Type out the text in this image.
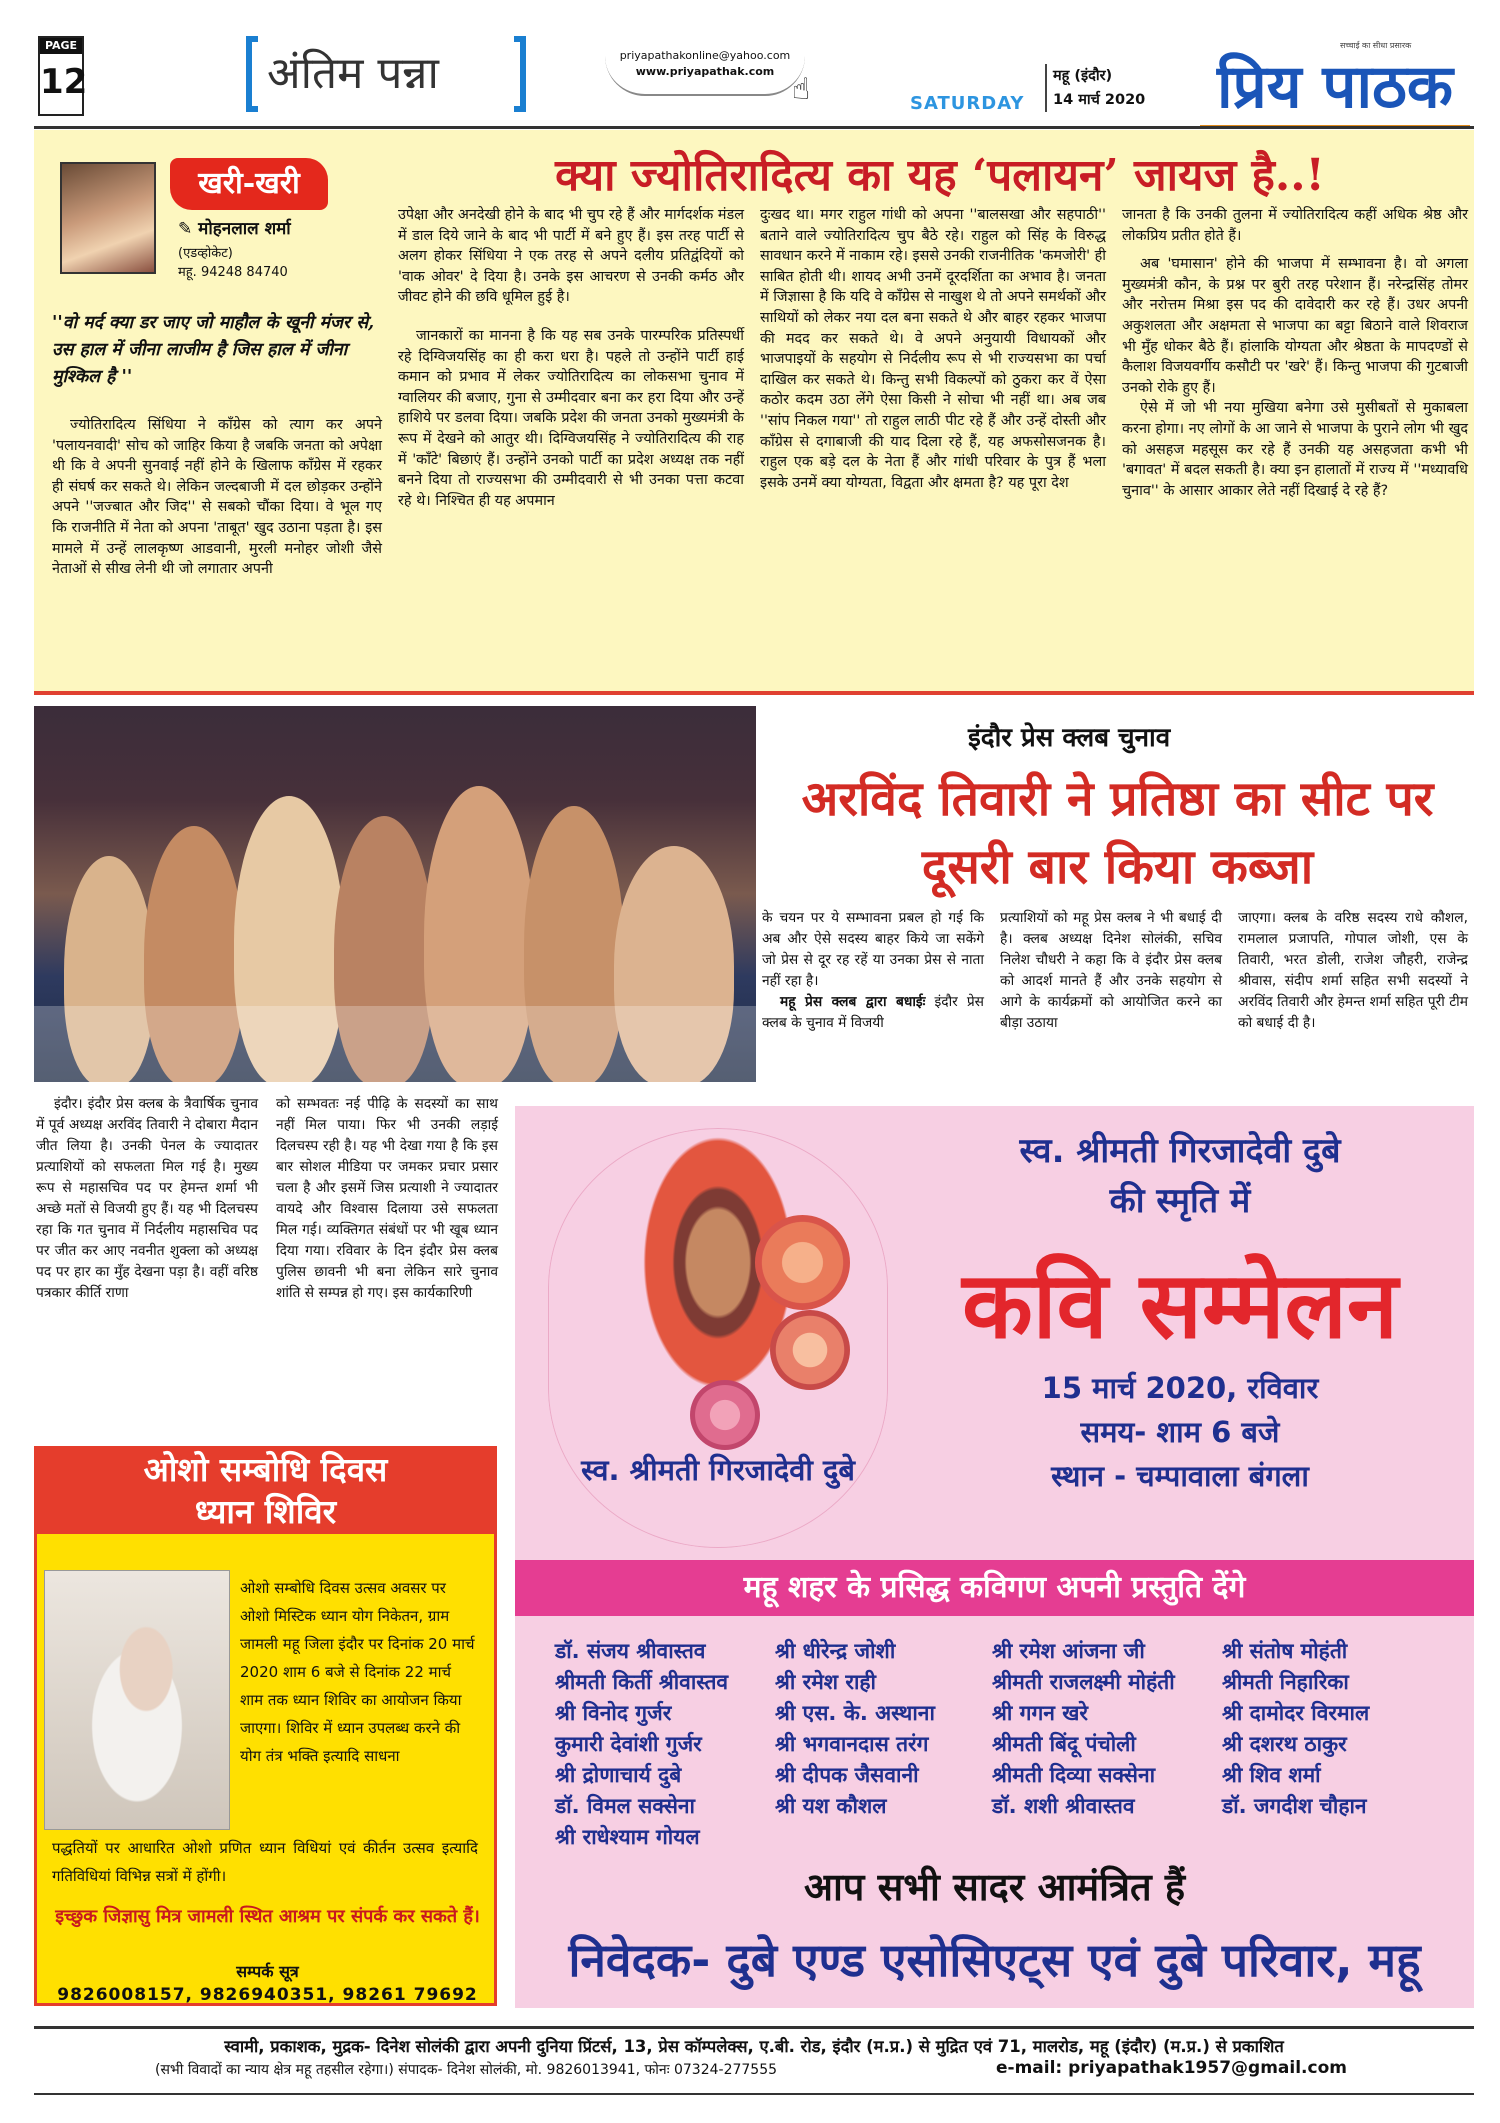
PAGE
12	अंतिम पन्ना	priyapathakonline@yahoo.com
www.priyapathak.com
☝	SATURDAY
महू (इंदौर)
14 मार्च 2020 प्रिय पाठक
सच्चाई का सीधा प्रसारक
खरी-खरी
✎ मोहनलाल शर्मा
(एडव्होकेट)
महू. 94248 84740
क्या ज्योतिरादित्य का यह ‘पलायन’ जायज है..!
''वो मर्द क्या डर जाए जो माहौल के खूनी मंजर से, उस हाल में जीना लाजीम है जिस हाल में जीना मुश्किल है ''

ज्योतिरादित्य सिंधिया ने कॉंग्रेस को त्याग कर अपने 'पलायनवादी' सोच को जाहिर किया है जबकि जनता को अपेक्षा थी कि वे अपनी सुनवाई नहीं होने के खिलाफ कॉंग्रेस में रहकर ही संघर्ष कर सकते थे। लेकिन जल्दबाजी में दल छोड़कर उन्होंने अपने ''जज्बात और जिद'' से सबको चौंका दिया। वे भूल गए कि राजनीति में नेता को अपना 'ताबूत' खुद उठाना पड़ता है। इस मामले में उन्हें लालकृष्ण आडवानी, मुरली मनोहर जोशी जैसे नेताओं से सीख लेनी थी जो लगातार अपनी

उपेक्षा और अनदेखी होने के बाद भी चुप रहे हैं और मार्गदर्शक मंडल में डाल दिये जाने के बाद भी पार्टी में बने हुए हैं। इस तरह पार्टी से अलग होकर सिंधिया ने एक तरह से अपने दलीय प्रतिद्वंदियों को 'वाक ओवर' दे दिया है। उनके इस आचरण से उनकी कर्मठ और जीवट होने की छवि धूमिल हुई है।

जानकारों का मानना है कि यह सब उनके पारम्परिक प्रतिस्पर्धी रहे दिग्विजयसिंह का ही करा धरा है। पहले तो उन्होंने पार्टी हाई कमान को प्रभाव में लेकर ज्योतिरादित्य का लोकसभा चुनाव में ग्वालियर की बजाए, गुना से उम्मीदवार बना कर हरा दिया और उन्हें हाशिये पर डलवा दिया। जबकि प्रदेश की जनता उनको मुख्यमंत्री के रूप में देखने को आतुर थी। दिग्विजयसिंह ने ज्योतिरादित्य की राह में 'काँटे' बिछाएं हैं। उन्होंने उनको पार्टी का प्रदेश अध्यक्ष तक नहीं बनने दिया तो राज्यसभा की उम्मीदवारी से भी उनका पत्ता कटवा रहे थे। निश्चित ही यह अपमान

दुःखद था। मगर राहुल गांधी को अपना ''बालसखा और सहपाठी'' बताने वाले ज्योतिरादित्य चुप बैठे रहे। राहुल को सिंह के विरुद्ध सावधान करने में नाकाम रहे। इससे उनकी राजनीतिक 'कमजोरी' ही साबित होती थी। शायद अभी उनमें दूरदर्शिता का अभाव है। जनता में जिज्ञासा है कि यदि वे कॉंग्रेस से नाखुश थे तो अपने समर्थकों और साथियों को लेकर नया दल बना सकते थे और बाहर रहकर भाजपा की मदद कर सकते थे। वे अपने अनुयायी विधायकों और भाजपाइयों के सहयोग से निर्दलीय रूप से भी राज्यसभा का पर्चा दाखिल कर सकते थे। किन्तु सभी विकल्पों को ठुकरा कर वें ऐसा कठोर कदम उठा लेंगे ऐसा किसी ने सोचा भी नहीं था। अब जब ''सांप निकल गया'' तो राहुल लाठी पीट रहे हैं और उन्हें दोस्ती और कॉंग्रेस से दगाबाजी की याद दिला रहे हैं, यह अफसोसजनक है। राहुल एक बड़े दल के नेता हैं और गांधी परिवार के पुत्र हैं भला इसके उनमें क्या योग्यता, विद्वता और क्षमता है? यह पूरा देश

जानता है कि उनकी तुलना में ज्योतिरादित्य कहीं अधिक श्रेष्ठ और लोकप्रिय प्रतीत होते हैं।

अब 'घमासान' होने की भाजपा में सम्भावना है। वो अगला मुख्यमंत्री कौन, के प्रश्न पर बुरी तरह परेशान हैं। नरेन्द्रसिंह तोमर और नरोत्तम मिश्रा इस पद की दावेदारी कर रहे हैं। उधर अपनी अकुशलता और अक्षमता से भाजपा का बट्टा बिठाने वाले शिवराज भी मुँह धोकर बैठे हैं। हांलाकि योग्यता और श्रेष्ठता के मापदण्डों से कैलाश विजयवर्गीय कसौटी पर 'खरे' हैं। किन्तु भाजपा की गुटबाजी उनको रोके हुए हैं।

ऐसे में जो भी नया मुखिया बनेगा उसे मुसीबतों से मुकाबला करना होगा। नए लोगों के आ जाने से भाजपा के पुराने लोग भी खुद को असहज महसूस कर रहे हैं उनकी यह असहजता कभी भी 'बगावत' में बदल सकती है। क्या इन हालातों में राज्य में ''मध्यावधि चुनाव'' के आसार आकार लेते नहीं दिखाई दे रहे हैं?

इंदौर प्रेस क्लब चुनाव
अरविंद तिवारी ने प्रतिष्ठा का सीट पर दूसरी बार किया कब्जा

के चयन पर ये सम्भावना प्रबल हो गई कि अब और ऐसे सदस्य बाहर किये जा सकेंगे जो प्रेस से दूर रह रहें या उनका प्रेस से नाता नहीं रहा है।

महू प्रेस क्लब द्वारा बधाईः इंदौर प्रेस क्लब के चुनाव में विजयी

प्रत्याशियों को महू प्रेस क्लब ने भी बधाई दी है। क्लब अध्यक्ष दिनेश सोलंकी, सचिव निलेश चौधरी ने कहा कि वे इंदौर प्रेस क्लब को आदर्श मानते हैं और उनके सहयोग से आगे के कार्यक्रमों को आयोजित करने का बीड़ा उठाया

जाएगा। क्लब के वरिष्ठ सदस्य राधे कौशल, रामलाल प्रजापति, गोपाल जोशी, एस के तिवारी, भरत डोली, राजेश जौहरी, राजेन्द्र श्रीवास, संदीप शर्मा सहित सभी सदस्यों ने अरविंद तिवारी और हेमन्त शर्मा सहित पूरी टीम को बधाई दी है।

इंदौर। इंदौर प्रेस क्लब के त्रैवार्षिक चुनाव में पूर्व अध्यक्ष अरविंद तिवारी ने दोबारा मैदान जीत लिया है। उनकी पेनल के ज्यादातर प्रत्याशियों को सफलता मिल गई है। मुख्य रूप से महासचिव पद पर हेमन्त शर्मा भी अच्छे मतों से विजयी हुए हैं। यह भी दिलचस्प रहा कि गत चुनाव में निर्दलीय महासचिव पद पर जीत कर आए नवनीत शुक्ला को अध्यक्ष पद पर हार का मुँह देखना पड़ा है। वहीं वरिष्ठ पत्रकार कीर्ति राणा

को सम्भवतः नई पीढ़ि के सदस्यों का साथ नहीं मिल पाया। फिर भी उनकी लड़ाई दिलचस्प रही है। यह भी देखा गया है कि इस बार सोशल मीडिया पर जमकर प्रचार प्रसार चला है और इसमें जिस प्रत्याशी ने ज्यादातर वायदे और विश्वास दिलाया उसे सफलता मिल गई। व्यक्तिगत संबंधों पर भी खूब ध्यान दिया गया। रविवार के दिन इंदौर प्रेस क्लब पुलिस छावनी भी बना लेकिन सारे चुनाव शांति से सम्पन्न हो गए। इस कार्यकारिणी

स्व. श्रीमती गिरजादेवी दुबे
की स्मृति में
कवि सम्मेलन
15 मार्च 2020, रविवार
समय- शाम 6 बजे
स्थान - चम्पावाला बंगला
स्व. श्रीमती गिरजादेवी दुबे
महू शहर के प्रसिद्ध कविगण अपनी प्रस्तुति देंगे
डॉ. संजय श्रीवास्तव
श्रीमती किर्ती श्रीवास्तव
श्री विनोद गुर्जर
कुमारी देवांशी गुर्जर
श्री द्रोणाचार्य दुबे
डॉ. विमल सक्सेना
श्री राधेश्याम गोयल
श्री धीरेन्द्र जोशी
श्री रमेश राही
श्री एस. के. अस्थाना
श्री भगवानदास तरंग
श्री दीपक जैसवानी
श्री यश कौशल
श्री रमेश आंजना जी
श्रीमती राजलक्ष्मी मोहंती
श्री गगन खरे
श्रीमती बिंदू पंचोली
श्रीमती दिव्या सक्सेना
डॉ. शशी श्रीवास्तव
श्री संतोष मोहंती
श्रीमती निहारिका
श्री दामोदर विरमाल
श्री दशरथ ठाकुर
श्री शिव शर्मा
डॉ. जगदीश चौहान
आप सभी सादर आमंत्रित हैं
निवेदक- दुबे एण्ड एसोसिएट्स एवं दुबे परिवार, महू
ओशो सम्बोधि दिवस
ध्यान शिविर
ओशो सम्बोधि दिवस उत्सव अवसर पर ओशो मिस्टिक ध्यान योग निकेतन, ग्राम जामली महू जिला इंदौर पर दिनांक 20 मार्च 2020 शाम 6 बजे से दिनांक 22 मार्च शाम तक ध्यान शिविर का आयोजन किया जाएगा। शिविर में ध्यान उपलब्ध करने की योग तंत्र भक्ति इत्यादि साधना
पद्धतियों पर आधारित ओशो प्रणित ध्यान विधियां एवं कीर्तन उत्सव इत्यादि गतिविधियां विभिन्न सत्रों में होंगी।
इच्छुक जिज्ञासु मित्र जामली स्थित आश्रम पर संपर्क कर सकते हैं।
सम्पर्क सूत्र
9826008157, 9826940351, 98261 79692
स्वामी, प्रकाशक, मुद्रक- दिनेश सोलंकी द्वारा अपनी दुनिया प्रिंटर्स, 13, प्रेस कॉम्पलेक्स, ए.बी. रोड, इंदौर (म.प्र.) से मुद्रित एवं 71, मालरोड, महू (इंदौर) (म.प्र.) से प्रकाशित
(सभी विवादों का न्याय क्षेत्र महू तहसील रहेगा।) संपादक- दिनेश सोलंकी, मो. 9826013941, फोनः 07324-277555	e-mail: priyapathak1957@gmail.com
